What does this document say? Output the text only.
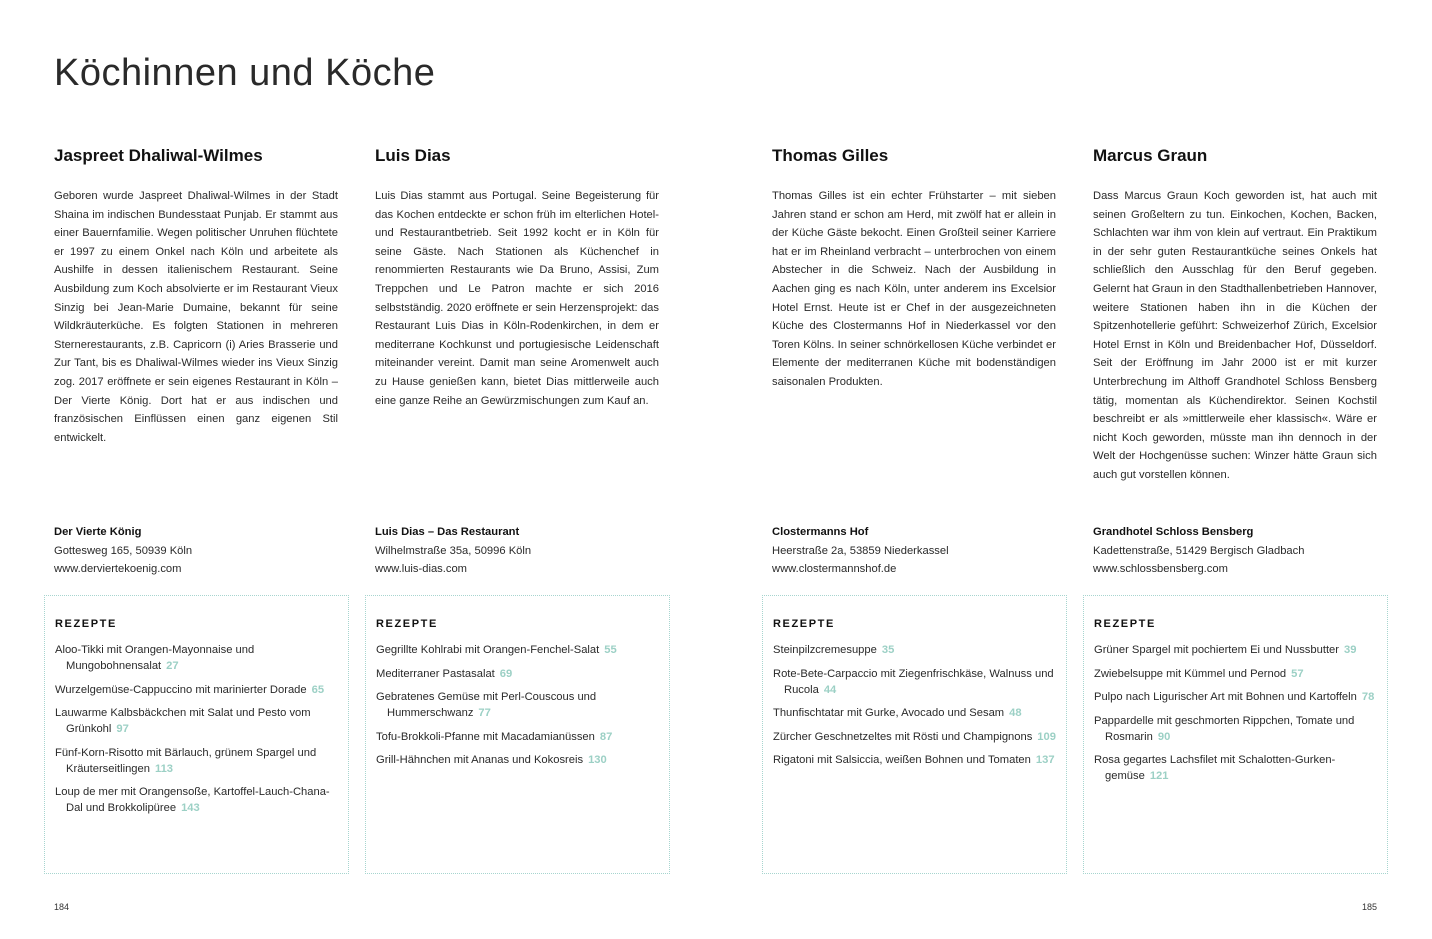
Köchinnen und Köche
Jaspreet Dhaliwal-Wilmes

Geboren wurde Jaspreet Dhaliwal-Wilmes in der Stadt Shaina im indischen Bundesstaat Punjab. Er stammt aus einer Bauernfamilie. Wegen politischer Unruhen flüchtete er 1997 zu einem Onkel nach Köln und arbeitete als Aushilfe in dessen italienischem Restaurant. Seine Ausbildung zum Koch absolvierte er im Restaurant Vieux Sinzig bei Jean-Marie Dumaine, bekannt für seine Wildkräuterküche. Es folgten Stationen in mehreren Sternerestaurants, z.B. Capricorn (i) Aries Brasserie und Zur Tant, bis es Dhaliwal-Wilmes wieder ins Vieux Sinzig zog. 2017 eröffnete er sein eigenes Restaurant in Köln – Der Vierte König. Dort hat er aus indischen und französischen Einflüssen einen ganz eigenen Stil entwickelt.

Der Vierte König
Gottesweg 165, 50939 Köln
www.derviertekoenig.com
REZEPTE
Aloo-Tikki mit Orangen-Mayonnaise und Mungobohnensalat 27
Wurzelgemüse-Cappuccino mit marinierter Dorade 65
Lauwarme Kalbsbäckchen mit Salat und Pesto vom Grünkohl 97
Fünf-Korn-Risotto mit Bärlauch, grünem Spargel und Kräuterseitlingen 113
Loup de mer mit Orangensoße, Kartoffel-Lauch-Chana-Dal und Brokkolipüree 143
Luis Dias

Luis Dias stammt aus Portugal. Seine Begeisterung für das Kochen entdeckte er schon früh im elterlichen Hotel- und Restaurantbetrieb. Seit 1992 kocht er in Köln für seine Gäste. Nach Stationen als Küchenchef in renommierten Restaurants wie Da Bruno, Assisi, Zum Treppchen und Le Patron machte er sich 2016 selbstständig. 2020 eröffnete er sein Herzensprojekt: das Restaurant Luis Dias in Köln-Rodenkirchen, in dem er mediterrane Kochkunst und portugiesische Leidenschaft miteinander vereint. Damit man seine Aromenwelt auch zu Hause genießen kann, bietet Dias mittlerweile auch eine ganze Reihe an Gewürzmischungen zum Kauf an.

Luis Dias – Das Restaurant
Wilhelmstraße 35a, 50996 Köln
www.luis-dias.com
REZEPTE
Gegrillte Kohlrabi mit Orangen-Fenchel-Salat 55
Mediterraner Pastasalat 69
Gebratenes Gemüse mit Perl-Couscous und Hummerschwanz 77
Tofu-Brokkoli-Pfanne mit Macadamianüssen 87
Grill-Hähnchen mit Ananas und Kokosreis 130
Thomas Gilles

Thomas Gilles ist ein echter Frühstarter – mit sieben Jahren stand er schon am Herd, mit zwölf hat er allein in der Küche Gäste bekocht. Einen Großteil seiner Karriere hat er im Rheinland verbracht – unterbrochen von einem Abstecher in die Schweiz. Nach der Ausbildung in Aachen ging es nach Köln, unter anderem ins Excelsior Hotel Ernst. Heute ist er Chef in der ausgezeichneten Küche des Clostermanns Hof in Niederkassel vor den Toren Kölns. In seiner schnörkellosen Küche verbindet er Elemente der mediterranen Küche mit bodenständigen saisonalen Produkten.

Clostermanns Hof
Heerstraße 2a, 53859 Niederkassel
www.clostermannshof.de
REZEPTE
Steinpilzcremesuppe 35
Rote-Bete-Carpaccio mit Ziegenfrischkäse, Walnuss und Rucola 44
Thunfischtatar mit Gurke, Avocado und Sesam 48
Zürcher Geschnetzeltes mit Rösti und Champignons 109
Rigatoni mit Salsiccia, weißen Bohnen und Tomaten 137
Marcus Graun

Dass Marcus Graun Koch geworden ist, hat auch mit seinen Großeltern zu tun. Einkochen, Kochen, Backen, Schlachten war ihm von klein auf vertraut. Ein Praktikum in der sehr guten Restaurantküche seines Onkels hat schließlich den Ausschlag für den Beruf gegeben. Gelernt hat Graun in den Stadthallenbetrieben Hannover, weitere Stationen haben ihn in die Küchen der Spitzenhotellerie geführt: Schweizerhof Zürich, Excelsior Hotel Ernst in Köln und Breidenbacher Hof, Düsseldorf. Seit der Eröffnung im Jahr 2000 ist er mit kurzer Unterbrechung im Althoff Grandhotel Schloss Bensberg tätig, momentan als Küchendirektor. Seinen Kochstil beschreibt er als »mittlerweile eher klassisch«. Wäre er nicht Koch geworden, müsste man ihn dennoch in der Welt der Hochgenüsse suchen: Winzer hätte Graun sich auch gut vorstellen können.

Grandhotel Schloss Bensberg
Kadettenstraße, 51429 Bergisch Gladbach
www.schlossbensberg.com
REZEPTE
Grüner Spargel mit pochiertem Ei und Nussbutter 39
Zwiebelsuppe mit Kümmel und Pernod 57
Pulpo nach Ligurischer Art mit Bohnen und Kartoffeln 78
Pappardelle mit geschmorten Rippchen, Tomate und Rosmarin 90
Rosa gegartes Lachsfilet mit Schalotten-Gurken-gemüse 121
184	185
